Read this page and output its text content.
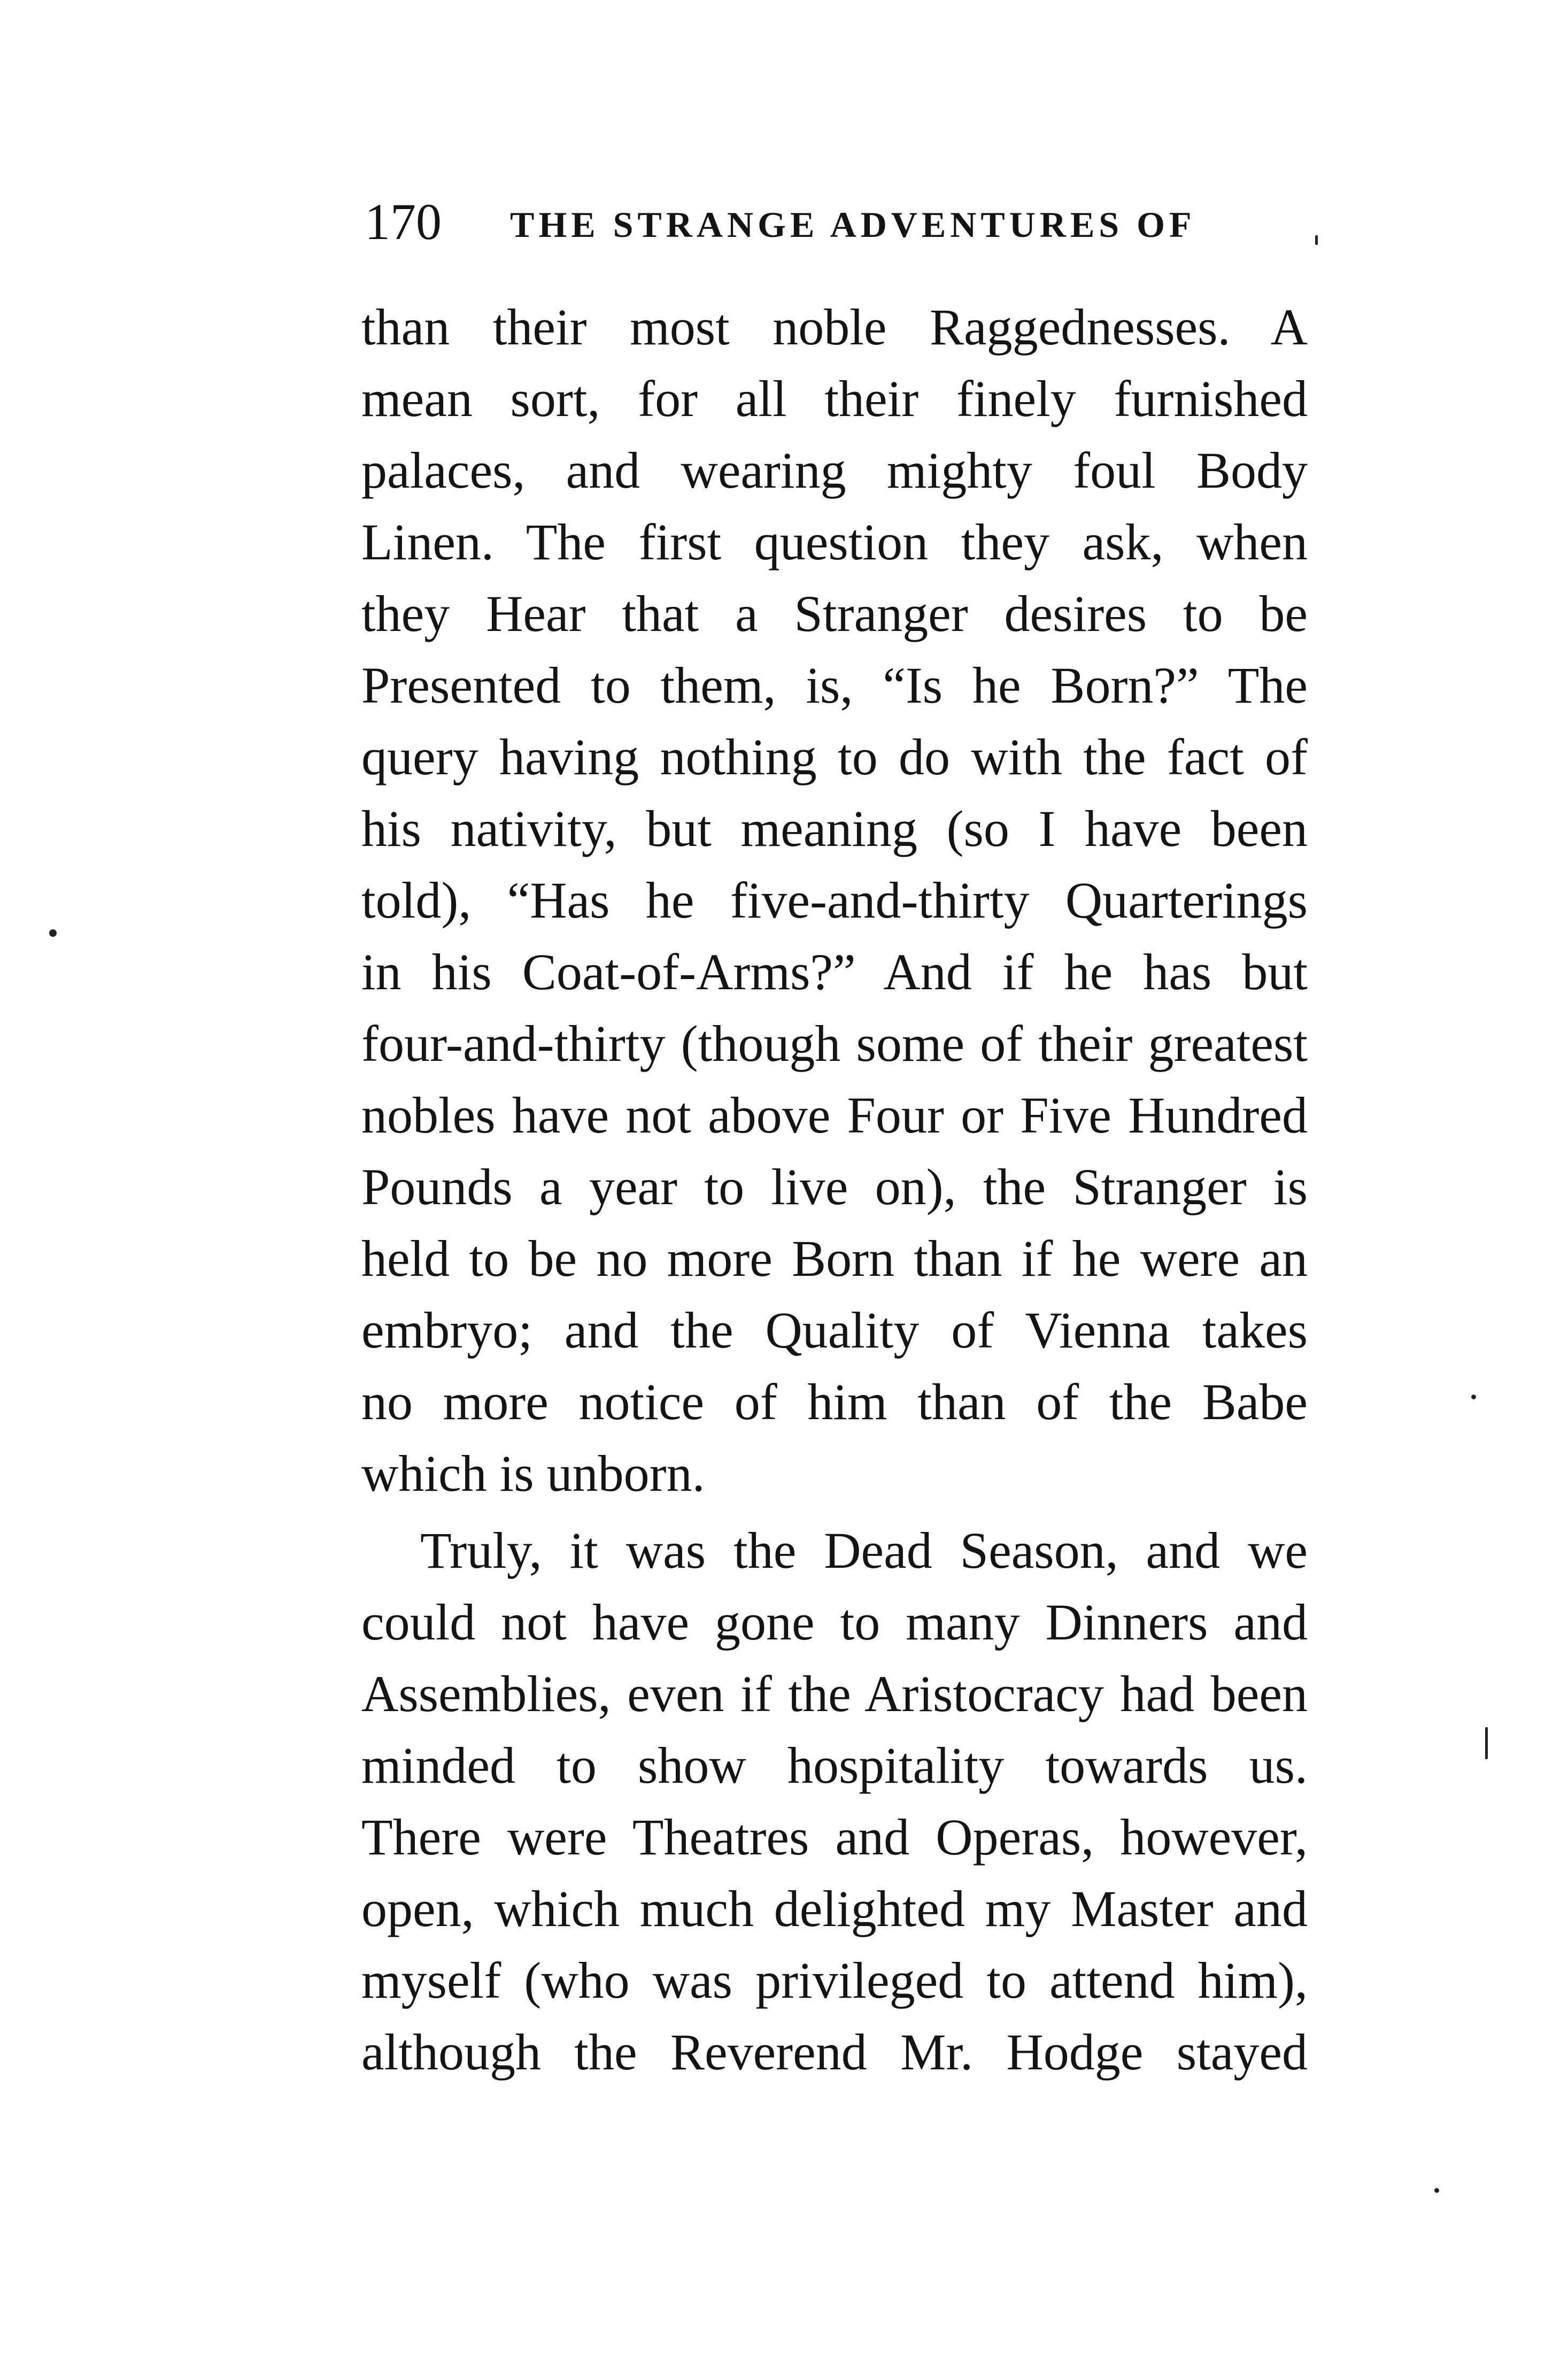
170 THE STRANGE ADVENTURES OF
than their most noble Raggednesses. A
mean sort, for all their finely furnished
palaces, and wearing mighty foul Body
Linen. The first question they ask, when
they Hear that a Stranger desires to be
Presented to them, is, “Is he Born?” The
query having nothing to do with the fact of
his nativity, but meaning (so I have been
told), “Has he five-and-thirty Quarterings
in his Coat-of-Arms?” And if he has but
four-and-thirty (though some of their greatest
nobles have not above Four or Five Hundred
Pounds a year to live on), the Stranger is
held to be no more Born than if he were an
embryo; and the Quality of Vienna takes
no more notice of him than of the Babe
which is unborn.
Truly, it was the Dead Season, and we
could not have gone to many Dinners and
Assemblies, even if the Aristocracy had been
minded to show hospitality towards us.
There were Theatres and Operas, however,
open, which much delighted my Master and
myself (who was privileged to attend him),
although the Reverend Mr. Hodge stayed
